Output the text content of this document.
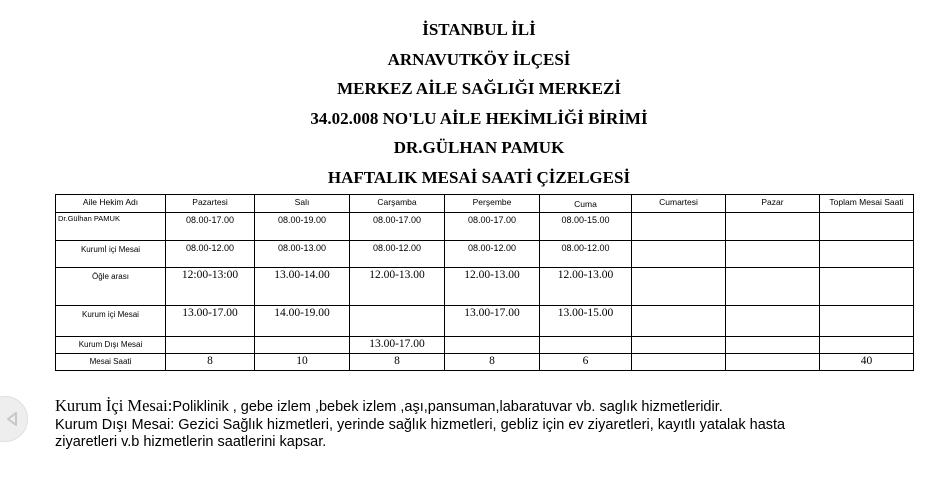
İSTANBUL İLİ
ARNAVUTKÖY İLÇESİ
MERKEZ AİLE SAĞLIĞI MERKEZİ
34.02.008 NO'LU AİLE HEKİMLİĞİ BİRİMİ
DR.GÜLHAN PAMUK
HAFTALIK MESAİ SAATİ ÇİZELGESİ
Aile Hekim Adı	Pazartesi	Salı	Carşamba	Perşembe	Cuma	Cumartesi	Pazar	Toplam Mesai Saati
Dr.Gülhan PAMUK	08.00-17.00	08.00-19.00	08.00-17.00	08.00-17.00	08.00-15.00			
Kurumİ içi Mesai	08.00-12.00	08.00-13.00	08.00-12.00	08.00-12.00	08.00-12.00			
Öğle arası	12:00-13:00	13.00-14.00	12.00-13.00	12.00-13.00	12.00-13.00			
Kurum içi Mesai	13.00-17.00	14.00-19.00		13.00-17.00	13.00-15.00			
Kurum Dışı Mesai			13.00-17.00					
Mesai Saati	8	10	8	8	6			40
Kurum İçi Mesai:Poliklinik , gebe izlem ,bebek izlem ,aşı,pansuman,labaratuvar vb. saglık hizmetleridir.
Kurum Dışı Mesai: Gezici Sağlık hizmetleri, yerinde sağlık hizmetleri, gebliz için ev ziyaretleri, kayıtlı yatalak hasta
ziyaretleri v.b hizmetlerin saatlerini kapsar.
